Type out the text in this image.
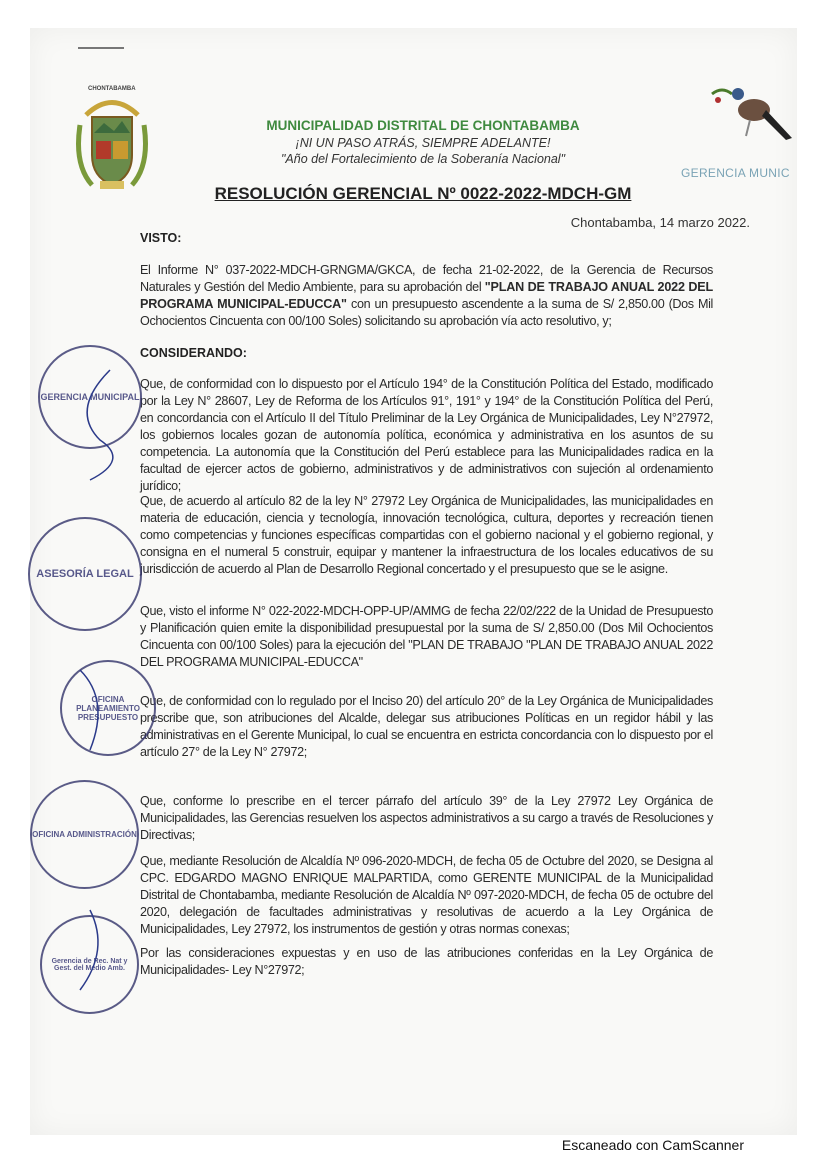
CHONTABAMBA
GERENCIA MUNIC
MUNICIPALIDAD DISTRITAL DE CHONTABAMBA
¡NI UN PASO ATRÁS, SIEMPRE ADELANTE!
"Año del Fortalecimiento de la Soberanía Nacional"
RESOLUCIÓN GERENCIAL Nº 0022-2022-MDCH-GM
Chontabamba, 14 marzo 2022.
VISTO:
El Informe N° 037-2022-MDCH-GRNGMA/GKCA, de fecha 21-02-2022, de la Gerencia de Recursos Naturales y Gestión del Medio Ambiente, para su aprobación del "PLAN DE TRABAJO ANUAL 2022 DEL PROGRAMA MUNICIPAL-EDUCCA" con un presupuesto ascendente a la suma de S/ 2,850.00 (Dos Mil Ochocientos Cincuenta con 00/100 Soles) solicitando su aprobación vía acto resolutivo, y;
CONSIDERANDO:
Que, de conformidad con lo dispuesto por el Artículo 194° de la Constitución Política del Estado, modificado por la Ley N° 28607, Ley de Reforma de los Artículos 91°, 191° y 194° de la Constitución Política del Perú, en concordancia con el Artículo II del Título Preliminar de la Ley Orgánica de Municipalidades, Ley N°27972, los gobiernos locales gozan de autonomía política, económica y administrativa en los asuntos de su competencia. La autonomía que la Constitución del Perú establece para las Municipalidades radica en la facultad de ejercer actos de gobierno, administrativos y de administrativos con sujeción al ordenamiento jurídico;
Que, de acuerdo al artículo 82 de la ley N° 27972 Ley Orgánica de Municipalidades, las municipalidades en materia de educación, ciencia y tecnología, innovación tecnológica, cultura, deportes y recreación tienen como competencias y funciones específicas compartidas con el gobierno nacional y el gobierno regional, y consigna en el numeral 5 construir, equipar y mantener la infraestructura de los locales educativos de su jurisdicción de acuerdo al Plan de Desarrollo Regional concertado y el presupuesto que se le asigne.
Que, visto el informe N° 022-2022-MDCH-OPP-UP/AMMG de fecha 22/02/222 de la Unidad de Presupuesto y Planificación quien emite la disponibilidad presupuestal por la suma de S/ 2,850.00 (Dos Mil Ochocientos Cincuenta con 00/100 Soles) para la ejecución del "PLAN DE TRABAJO "PLAN DE TRABAJO ANUAL 2022 DEL PROGRAMA MUNICIPAL-EDUCCA"
Que, de conformidad con lo regulado por el Inciso 20) del artículo 20° de la Ley Orgánica de Municipalidades prescribe que, son atribuciones del Alcalde, delegar sus atribuciones Políticas en un regidor hábil y las administrativas en el Gerente Municipal, lo cual se encuentra en estricta concordancia con lo dispuesto por el artículo 27° de la Ley N° 27972;
Que, conforme lo prescribe en el tercer párrafo del artículo 39° de la Ley 27972 Ley Orgánica de Municipalidades, las Gerencias resuelven los aspectos administrativos a su cargo a través de Resoluciones y Directivas;
Que, mediante Resolución de Alcaldía Nº 096-2020-MDCH, de fecha 05 de Octubre del 2020, se Designa al CPC. EDGARDO MAGNO ENRIQUE MALPARTIDA, como GERENTE MUNICIPAL de la Municipalidad Distrital de Chontabamba, mediante Resolución de Alcaldía Nº 097-2020-MDCH, de fecha 05 de octubre del 2020, delegación de facultades administrativas y resolutivas de acuerdo a la Ley Orgánica de Municipalidades, Ley 27972, los instrumentos de gestión y otras normas conexas;
Por las consideraciones expuestas y en uso de las atribuciones conferidas en la Ley Orgánica de Municipalidades- Ley N°27972;
GERENCIA MUNICIPAL
ASESORÍA LEGAL
OFICINA PLANEAMIENTO PRESUPUESTO
OFICINA ADMINISTRACIÓN
Gerencia de Rec. Nat y Gest. del Medio Amb.
Escaneado con CamScanner
